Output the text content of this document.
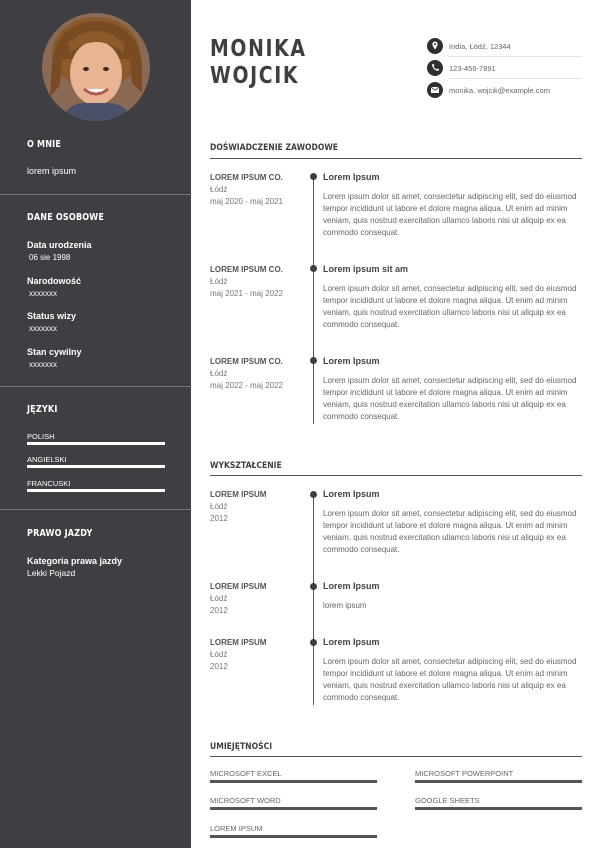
O MNIE
lorem ipsum
DANE OSOBOWE
Data urodzenia
06 sie 1998
Narodowość
xxxxxxx
Status wizy
xxxxxxx
Stan cywilny
xxxxxxx
JĘZYKI
POLISH
ANGIELSKI
FRANCUSKI
PRAWO JAZDY
Kategoria prawa jazdy
Lekki Pojazd
MONIKA
WOJCIK
India, Łódź, 12344
123-456-7891
monika. wojcik@example.com
DOŚWIADCZENIE ZAWODOWE
LOREM IPSUM CO.
Łódź
maj 2020 - maj 2021
Lorem Ipsum
Lorem ipsum dolor sit amet, consectetur adipiscing elit, sed do eiusmod tempor incididunt ut labore et dolore magna aliqua. Ut enim ad minim veniam, quis nostrud exercitation ullamco laboris nisi ut aliquip ex ea commodo consequat.
LOREM IPSUM CO.
Łódź
maj 2021 - maj 2022
Lorem ipsum sit am
Lorem ipsum dolor sit amet, consectetur adipiscing elit, sed do eiusmod tempor incididunt ut labore et dolore magna aliqua. Ut enim ad minim veniam, quis nostrud exercitation ullamco laboris nisi ut aliquip ex ea commodo consequat.
LOREM IPSUM CO.
Łódź
maj 2022 - maj 2022
Lorem Ipsum
Lorem ipsum dolor sit amet, consectetur adipiscing elit, sed do eiusmod tempor incididunt ut labore et dolore magna aliqua. Ut enim ad minim veniam, quis nostrud exercitation ullamco laboris nisi ut aliquip ex ea commodo consequat.
WYKSZTAŁCENIE
LOREM IPSUM
Łódź
2012
Lorem Ipsum
Lorem ipsum dolor sit amet, consectetur adipiscing elit, sed do eiusmod tempor incididunt ut labore et dolore magna aliqua. Ut enim ad minim veniam, quis nostrud exercitation ullamco laboris nisi ut aliquip ex ea commodo consequat.
LOREM IPSUM
Łódź
2012
Lorem Ipsum
lorem ipsum
LOREM IPSUM
Łódź
2012
Lorem Ipsum
Lorem ipsum dolor sit amet, consectetur adipiscing elit, sed do eiusmod tempor incididunt ut labore et dolore magna aliqua. Ut enim ad minim veniam, quis nostrud exercitation ullamco laboris nisi ut aliquip ex ea commodo consequat.
UMIEJĘTNOŚCI
MICROSOFT EXCEL	MICROSOFT POWERPOINT
MICROSOFT WORD	GOOGLE SHEETS
LOREM IPSUM
